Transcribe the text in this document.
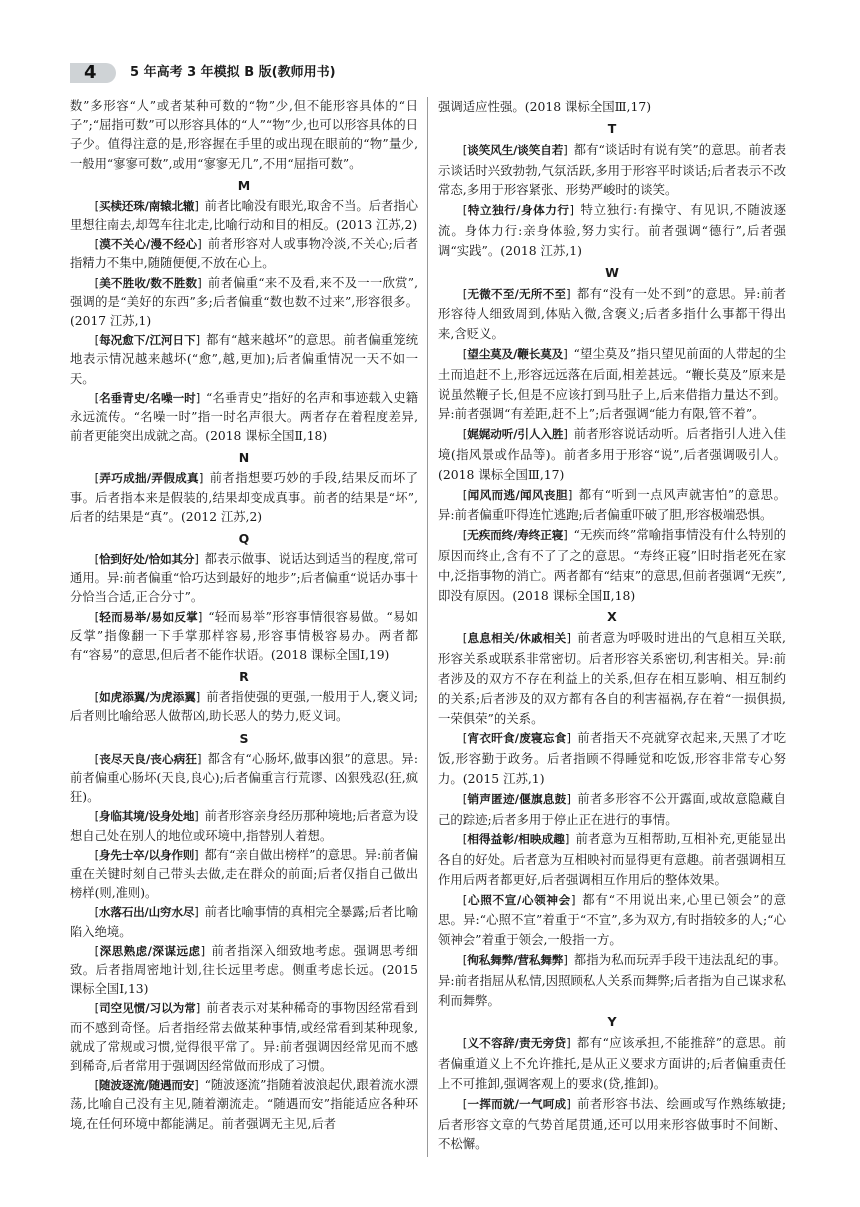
4	5 年高考 3 年模拟 B 版(教师用书)

数”多形容“人”或者某种可数的“物”少,但不能形容具体的“日子”;“屈指可数”可以形容具体的“人”“物”少,也可以形容具体的日子少。值得注意的是,形容握在手里的或出现在眼前的“物”量少,一般用“寥寥可数”,或用“寥寥无几”,不用“屈指可数”。

M

[ 买椟还珠/南辕北辙 ] 前者比喻没有眼光,取舍不当。后者指心里想往南去,却驾车往北走,比喻行动和目的相反。(2013 江苏,2)

[ 漠不关心/漫不经心 ] 前者形容对人或事物冷淡,不关心;后者指精力不集中,随随便便,不放在心上。

[ 美不胜收/数不胜数 ] 前者偏重“来不及看,来不及一一欣赏”,强调的是“美好的东西”多;后者偏重“数也数不过来”,形容很多。(2017 江苏,1)

[ 每况愈下/江河日下 ] 都有“越来越坏”的意思。前者偏重笼统地表示情况越来越坏(“愈”,越,更加);后者偏重情况一天不如一天。

[ 名垂青史/名噪一时 ] “名垂青史”指好的名声和事迹载入史籍永远流传。“名噪一时”指一时名声很大。两者存在着程度差异,前者更能突出成就之高。(2018 课标全国Ⅱ,18)

N

[ 弄巧成拙/弄假成真 ] 前者指想要巧妙的手段,结果反而坏了事。后者指本来是假装的,结果却变成真事。前者的结果是“坏”,后者的结果是“真”。(2012 江苏,2)

Q

[ 恰到好处/恰如其分 ] 都表示做事、说话达到适当的程度,常可通用。异:前者偏重“恰巧达到最好的地步”;后者偏重“说话办事十分恰当合适,正合分寸”。

[ 轻而易举/易如反掌 ] “轻而易举”形容事情很容易做。“易如反掌”指像翻一下手掌那样容易,形容事情极容易办。两者都有“容易”的意思,但后者不能作状语。(2018 课标全国Ⅰ,19)

R

[ 如虎添翼/为虎添翼 ] 前者指使强的更强,一般用于人,褒义词;后者则比喻给恶人做帮凶,助长恶人的势力,贬义词。

S

[ 丧尽天良/丧心病狂 ] 都含有“心肠坏,做事凶狠”的意思。异:前者偏重心肠坏(天良,良心);后者偏重言行荒谬、凶狠残忍(狂,疯狂)。

[ 身临其境/设身处地 ] 前者形容亲身经历那种境地;后者意为设想自己处在别人的地位或环境中,指替别人着想。

[ 身先士卒/以身作则 ] 都有“亲自做出榜样”的意思。异:前者偏重在关键时刻自己带头去做,走在群众的前面;后者仅指自己做出榜样(则,准则)。

[ 水落石出/山穷水尽 ] 前者比喻事情的真相完全暴露;后者比喻陷入绝境。

[ 深思熟虑/深谋远虑 ] 前者指深入细致地考虑。强调思考细致。后者指周密地计划,往长远里考虑。侧重考虑长远。(2015 课标全国Ⅰ,13)

[ 司空见惯/习以为常 ] 前者表示对某种稀奇的事物因经常看到而不感到奇怪。后者指经常去做某种事情,或经常看到某种现象,就成了常规或习惯,觉得很平常了。异:前者强调因经常见而不感到稀奇,后者常用于强调因经常做而形成了习惯。

[ 随波逐流/随遇而安 ] “随波逐流”指随着波浪起伏,跟着流水漂荡,比喻自己没有主见,随着潮流走。“随遇而安”指能适应各种环境,在任何环境中都能满足。前者强调无主见,后者

强调适应性强。(2018 课标全国Ⅲ,17)

T

[ 谈笑风生/谈笑自若 ] 都有“谈话时有说有笑”的意思。前者表示谈话时兴致勃勃,气氛活跃,多用于形容平时谈话;后者表示不改常态,多用于形容紧张、形势严峻时的谈笑。

[ 特立独行/身体力行 ] 特立独行:有操守、有见识,不随波逐流。身体力行:亲身体验,努力实行。前者强调“德行”,后者强调“实践”。(2018 江苏,1)

W

[ 无微不至/无所不至 ] 都有“没有一处不到”的意思。异:前者形容待人细致周到,体贴入微,含褒义;后者多指什么事都干得出来,含贬义。

[ 望尘莫及/鞭长莫及 ] “望尘莫及”指只望见前面的人带起的尘土而追赶不上,形容远远落在后面,相差甚远。“鞭长莫及”原来是说虽然鞭子长,但是不应该打到马肚子上,后来借指力量达不到。异:前者强调“有差距,赶不上”;后者强调“能力有限,管不着”。

[ 娓娓动听/引人入胜 ] 前者形容说话动听。后者指引人进入佳境(指风景或作品等)。前者多用于形容“说”,后者强调吸引人。(2018 课标全国Ⅲ,17)

[ 闻风而逃/闻风丧胆 ] 都有“听到一点风声就害怕”的意思。异:前者偏重吓得连忙逃跑;后者偏重吓破了胆,形容极端恐惧。

[ 无疾而终/寿终正寝 ] “无疾而终”常喻指事情没有什么特别的原因而终止,含有不了了之的意思。“寿终正寝”旧时指老死在家中,泛指事物的消亡。两者都有“结束”的意思,但前者强调“无疾”,即没有原因。(2018 课标全国Ⅱ,18)

X

[ 息息相关/休戚相关 ] 前者意为呼吸时进出的气息相互关联,形容关系或联系非常密切。后者形容关系密切,利害相关。异:前者涉及的双方不存在利益上的关系,但存在相互影响、相互制约的关系;后者涉及的双方都有各自的利害福祸,存在着“一损俱损,一荣俱荣”的关系。

[ 宵衣旰食/废寝忘食 ] 前者指天不亮就穿衣起来,天黑了才吃饭,形容勤于政务。后者指顾不得睡觉和吃饭,形容非常专心努力。(2015 江苏,1)

[ 销声匿迹/偃旗息鼓 ] 前者多形容不公开露面,或故意隐藏自己的踪迹;后者多用于停止正在进行的事情。

[ 相得益彰/相映成趣 ] 前者意为互相帮助,互相补充,更能显出各自的好处。后者意为互相映衬而显得更有意趣。前者强调相互作用后两者都更好,后者强调相互作用后的整体效果。

[ 心照不宣/心领神会 ] 都有“不用说出来,心里已领会”的意思。异:“心照不宣”着重于“不宣”,多为双方,有时指较多的人;“心领神会”着重于领会,一般指一方。

[ 徇私舞弊/营私舞弊 ] 都指为私而玩弄手段干违法乱纪的事。异:前者指屈从私情,因照顾私人关系而舞弊;后者指为自己谋求私利而舞弊。

Y

[ 义不容辞/责无旁贷 ] 都有“应该承担,不能推辞”的意思。前者偏重道义上不允许推托,是从正义要求方面讲的;后者偏重责任上不可推卸,强调客观上的要求(贷,推卸)。

[ 一挥而就/一气呵成 ] 前者形容书法、绘画或写作熟练敏捷;后者形容文章的气势首尾贯通,还可以用来形容做事时不间断、不松懈。
